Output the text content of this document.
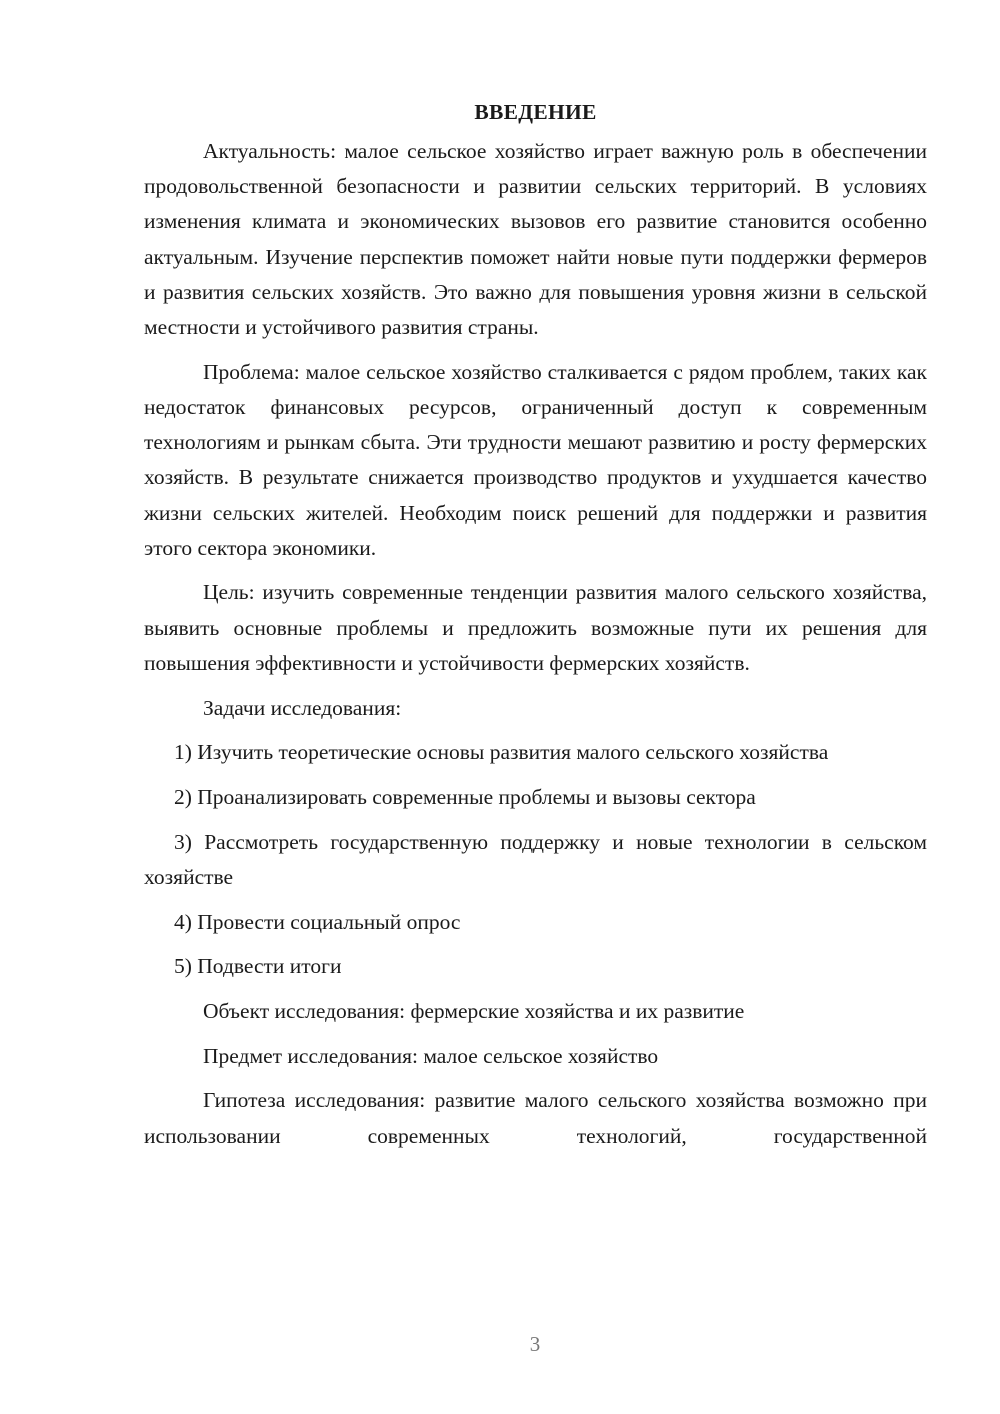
ВВЕДЕНИЕ

Актуальность: малое сельское хозяйство играет важную роль в обеспечении продовольственной безопасности и развитии сельских территорий. В условиях изменения климата и экономических вызовов его развитие становится особенно актуальным. Изучение перспектив поможет найти новые пути поддержки фермеров и развития сельских хозяйств. Это важно для повышения уровня жизни в сельской местности и устойчивого развития страны.

Проблема: малое сельское хозяйство сталкивается с рядом проблем, таких как недостаток финансовых ресурсов, ограниченный доступ к современным технологиям и рынкам сбыта. Эти трудности мешают развитию и росту фермерских хозяйств. В результате снижается производство продуктов и ухудшается качество жизни сельских жителей. Необходим поиск решений для поддержки и развития этого сектора экономики.

Цель: изучить современные тенденции развития малого сельского хозяйства, выявить основные проблемы и предложить возможные пути их решения для повышения эффективности и устойчивости фермерских хозяйств.

Задачи исследования:

1) Изучить теоретические основы развития малого сельского хозяйства

2) Проанализировать современные проблемы и вызовы сектора

3) Рассмотреть государственную поддержку и новые технологии в сельском хозяйстве

4) Провести социальный опрос

5) Подвести итоги

Объект исследования: фермерские хозяйства и их развитие

Предмет исследования: малое сельское хозяйство

Гипотеза исследования: развитие малого сельского хозяйства возможно при использовании современных технологий, государственной

3
